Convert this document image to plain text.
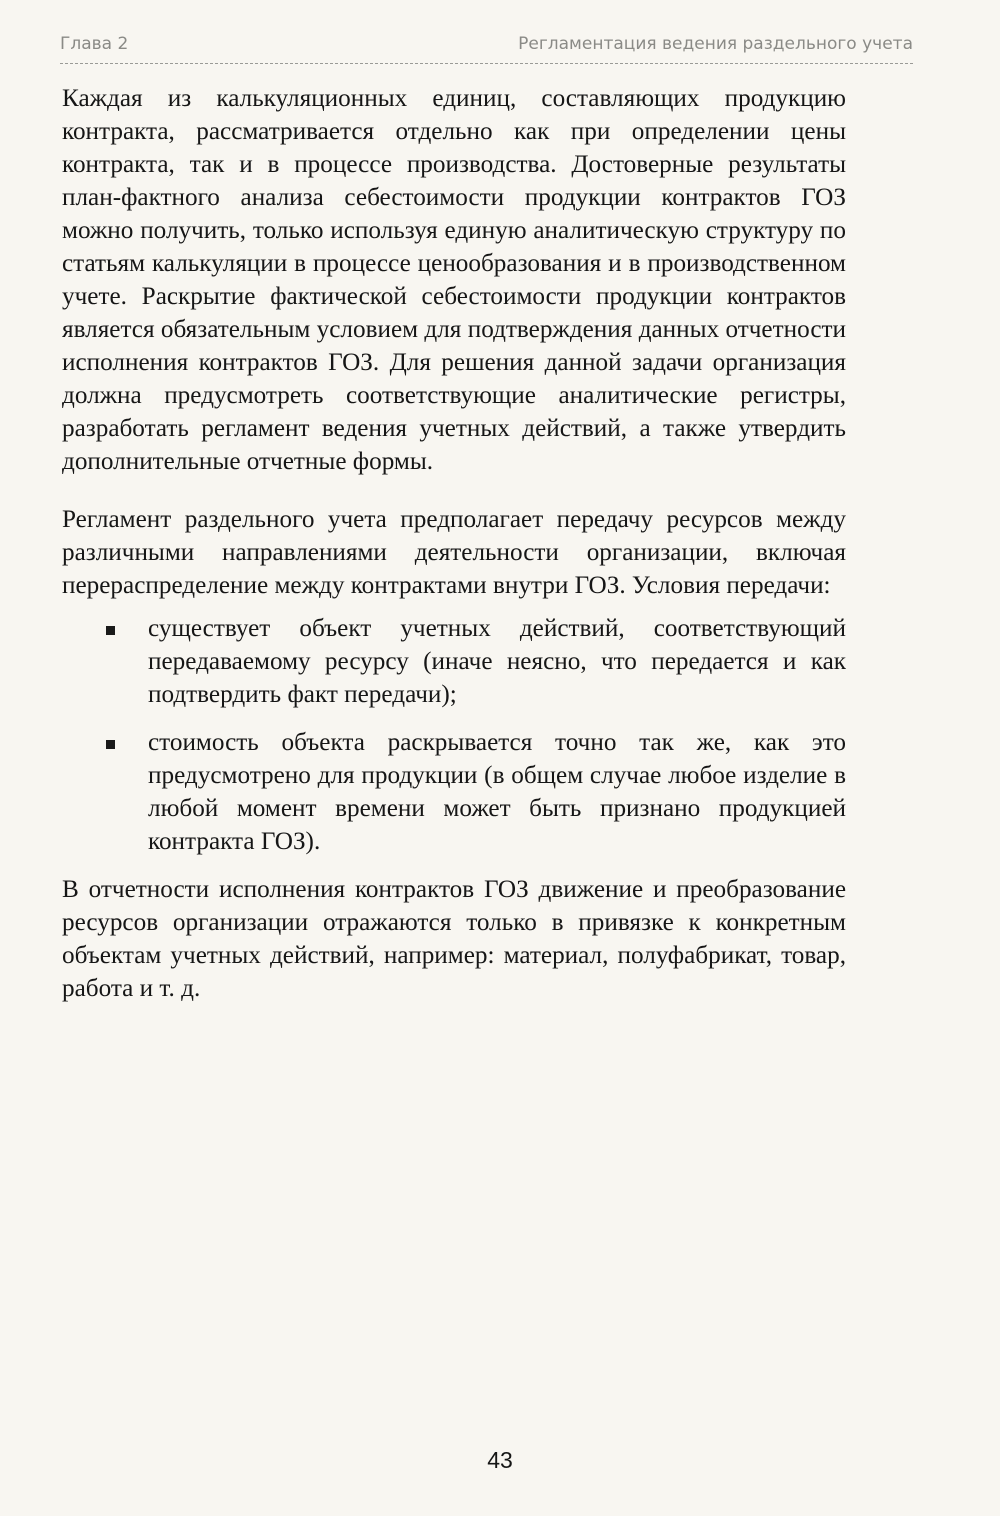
Глава 2	Регламентация ведения раздельного учета

Каждая из калькуляционных единиц, составляющих продукцию контракта, рассматривается отдельно как при определении цены контракта, так и в процессе производства. Достоверные результаты план-фактного анализа себестоимости продукции контрактов ГОЗ можно получить, только используя единую аналитическую структуру по статьям калькуляции в процессе ценообразования и в производственном учете. Раскрытие фактической себестоимости продукции контрактов является обязательным условием для подтверждения данных отчетности исполнения контрактов ГОЗ. Для решения данной задачи организация должна предусмотреть соответствующие аналитические регистры, разработать регламент ведения учетных действий, а также утвердить дополнительные отчетные формы.

Регламент раздельного учета предполагает передачу ресурсов между различными направлениями деятельности организации, включая перераспределение между контрактами внутри ГОЗ. Условия передачи:

существует объект учетных действий, соответствующий передаваемому ресурсу (иначе неясно, что передается и как подтвердить факт передачи);
стоимость объекта раскрывается точно так же, как это предусмотрено для продукции (в общем случае любое изделие в любой момент времени может быть признано продукцией контракта ГОЗ).

В отчетности исполнения контрактов ГОЗ движение и преобразование ресурсов организации отражаются только в привязке к конкретным объектам учетных действий, например: материал, полуфабрикат, товар, работа и т. д.

43
